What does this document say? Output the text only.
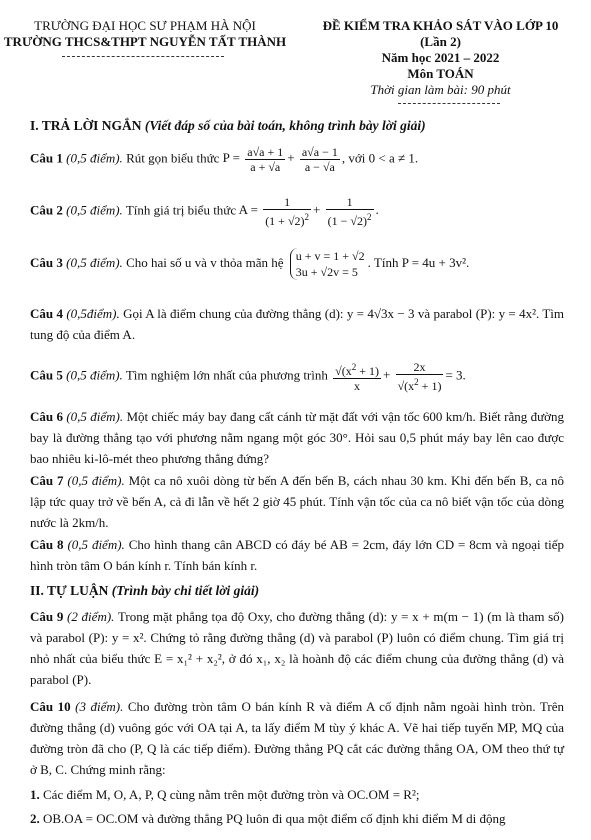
TRƯỜNG ĐẠI HỌC SƯ PHẠM HÀ NỘI
TRƯỜNG THCS&THPT NGUYỄN TẤT THÀNH
ĐỀ KIỂM TRA KHẢO SÁT VÀO LỚP 10
(Lần 2)
Năm học 2021 – 2022
Môn TOÁN
Thời gian làm bài: 90 phút
I. TRẢ LỜI NGẮN (Viết đáp số của bài toán, không trình bày lời giải)
Câu 1 (0,5 điểm). Rút gọn biểu thức $P = \frac{a√a + 1}{a + √a} + \frac{a√a - 1}{a - √a}$ , với 0 < a ≠ 1.
Câu 2 (0,5 điểm). Tính giá trị biểu thức $A = \frac{1}{(1 + √2)^2} + \frac{1}{(1 - √2)^2}$ .
Câu 3 (0,5 điểm). Cho hai số u và v thỏa mãn hệ u + v = 1 + √2
3u + √2v = 5
. Tính P = 4u + 3v².
Câu 4 (0,5điểm). Gọi A là điểm chung của đường thẳng (d): y = 4√3x − 3 và parabol (P): y = 4x². Tìm tung độ của điểm A.
Câu 5 (0,5 điểm). Tìm nghiệm lớn nhất của phương trình $\frac{√(x^2 + 1)}{x} + \frac{2x}{√(x^2 + 1)} = 3$.
Câu 6 (0,5 điểm). Một chiếc máy bay đang cất cánh từ mặt đất với vận tốc 600 km/h. Biết rằng đường bay là đường thẳng tạo với phương nằm ngang một góc 30°. Hỏi sau 0,5 phút máy bay lên cao được bao nhiêu ki-lô-mét theo phương thẳng đứng?
Câu 7 (0,5 điểm). Một ca nô xuôi dòng từ bến A đến bến B, cách nhau 30 km. Khi đến bến B, ca nô lập tức quay trở về bến A, cả đi lẫn về hết 2 giờ 45 phút. Tính vận tốc của ca nô biết vận tốc của dòng nước là 2km/h.
Câu 8 (0,5 điểm). Cho hình thang cân ABCD có đáy bé AB = 2cm, đáy lớn CD = 8cm và ngoại tiếp hình tròn tâm O bán kính r. Tính bán kính r.
II. TỰ LUẬN (Trình bày chi tiết lời giải)
Câu 9 (2 điểm). Trong mặt phẳng tọa độ Oxy, cho đường thẳng (d): y = x + m(m − 1) (m là tham số) và parabol (P): y = x². Chứng tỏ rằng đường thẳng (d) và parabol (P) luôn có điểm chung. Tìm giá trị nhỏ nhất của biểu thức E = x₁² + x₂², ở đó x₁, x₂ là hoành độ các điểm chung của đường thẳng (d) và parabol (P).
Câu 10 (3 điểm). Cho đường tròn tâm O bán kính R và điểm A cố định nằm ngoài hình tròn. Trên đường thẳng (d) vuông góc với OA tại A, ta lấy điểm M tùy ý khác A. Vẽ hai tiếp tuyến MP, MQ của đường tròn đã cho (P, Q là các tiếp điểm). Đường thẳng PQ cắt các đường thẳng OA, OM theo thứ tự ở B, C. Chứng minh rằng:
1. Các điểm M, O, A, P, Q cùng nằm trên một đường tròn và OC.OM = R²;
2. OB.OA = OC.OM và đường thẳng PQ luôn đi qua một điểm cố định khi điểm M di động
